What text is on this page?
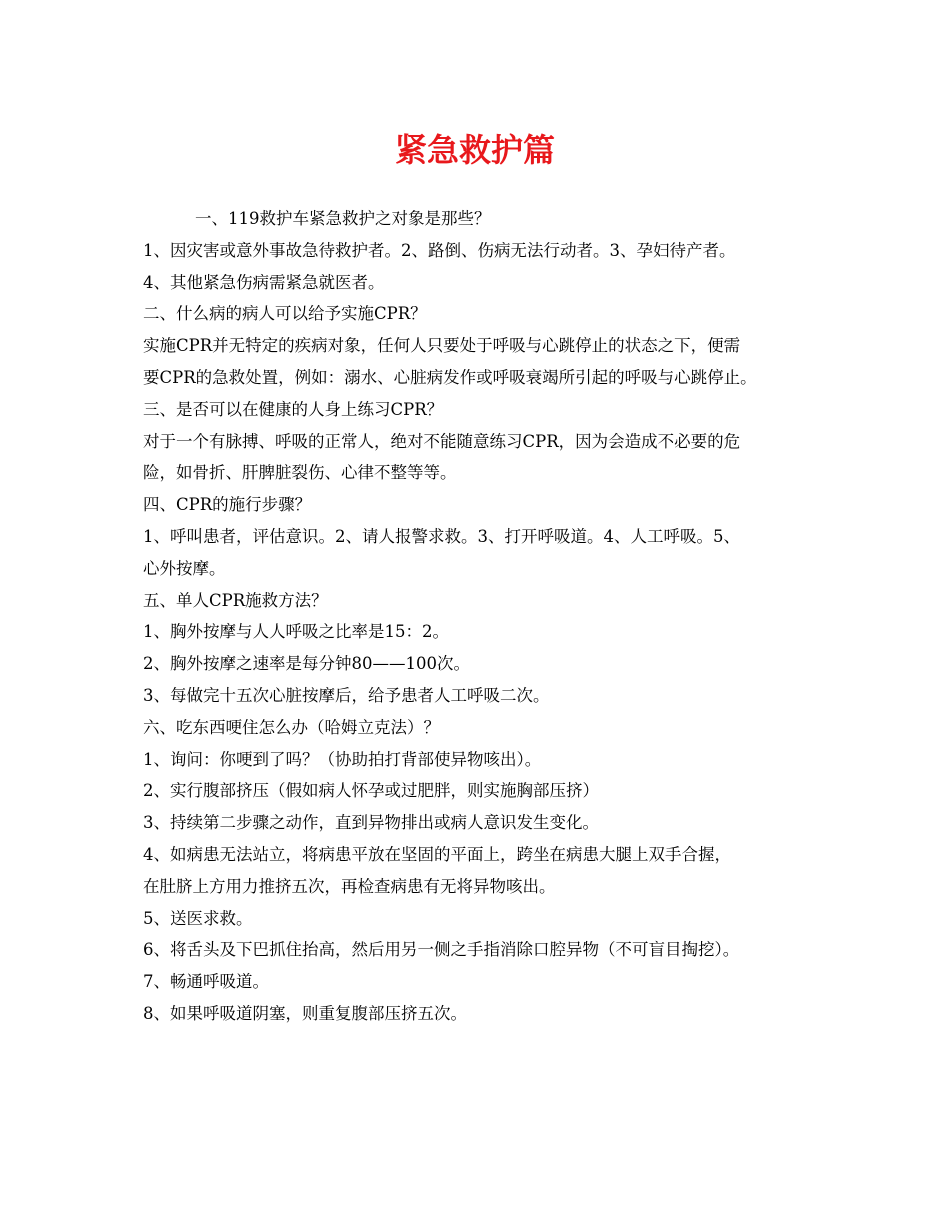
紧急救护篇

一、119救护车紧急救护之对象是那些？

1、因灾害或意外事故急待救护者。2、路倒、伤病无法行动者。3、孕妇待产者。

4、其他紧急伤病需紧急就医者。

二、什么病的病人可以给予实施CPR？

实施CPR并无特定的疾病对象，任何人只要处于呼吸与心跳停止的状态之下，便需

要CPR的急救处置，例如：溺水、心脏病发作或呼吸衰竭所引起的呼吸与心跳停止。

三、是否可以在健康的人身上练习CPR？

对于一个有脉搏、呼吸的正常人，绝对不能随意练习CPR，因为会造成不必要的危

险，如骨折、肝脾脏裂伤、心律不整等等。

四、CPR的施行步骤？

1、呼叫患者，评估意识。2、请人报警求救。3、打开呼吸道。4、人工呼吸。5、

心外按摩。

五、单人CPR施救方法？

1、胸外按摩与人人呼吸之比率是15：2。

2、胸外按摩之速率是每分钟80——100次。

3、每做完十五次心脏按摩后，给予患者人工呼吸二次。

六、吃东西哽住怎么办（哈姆立克法）？

1、询问：你哽到了吗？（协助拍打背部使异物咳出）。

2、实行腹部挤压（假如病人怀孕或过肥胖，则实施胸部压挤）

3、持续第二步骤之动作，直到异物排出或病人意识发生变化。

4、如病患无法站立，将病患平放在坚固的平面上，跨坐在病患大腿上双手合握，

在肚脐上方用力推挤五次，再检查病患有无将异物咳出。

5、送医求救。

6、将舌头及下巴抓住抬高，然后用另一侧之手指消除口腔异物（不可盲目掏挖）。

7、畅通呼吸道。

8、如果呼吸道阴塞，则重复腹部压挤五次。
